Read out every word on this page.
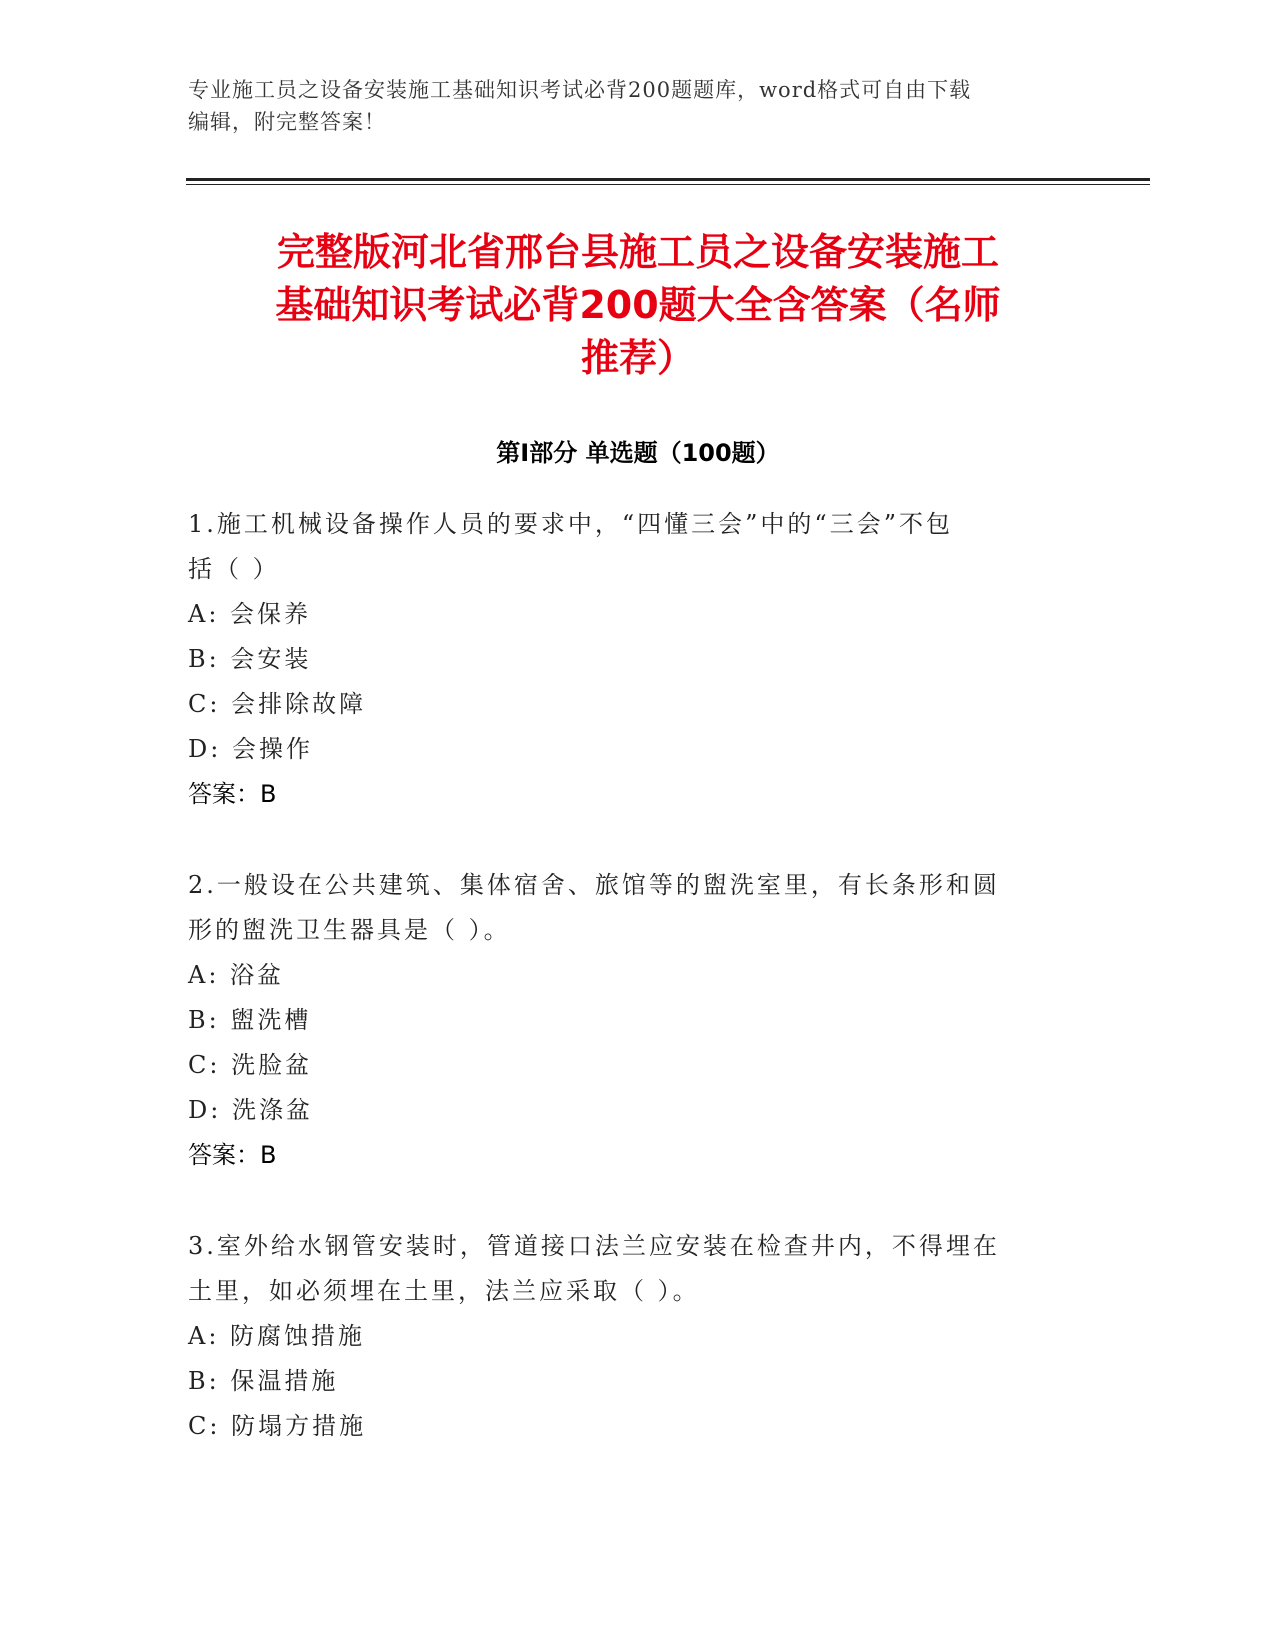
专业施工员之设备安装施工基础知识考试必背200题题库，word格式可自由下载
编辑，附完整答案！
完整版河北省邢台县施工员之设备安装施工
基础知识考试必背200题大全含答案（名师
推荐）
第Ⅰ部分 单选题（100题）

1.施工机械设备操作人员的要求中，“四懂三会”中的“三会”不包

括（ ）

A: 会保养

B: 会安装

C: 会排除故障

D: 会操作

答案：B

2.一般设在公共建筑、集体宿舍、旅馆等的盥洗室里，有长条形和圆

形的盥洗卫生器具是（ ）。

A: 浴盆

B: 盥洗槽

C: 洗脸盆

D: 洗涤盆

答案：B

3.室外给水钢管安装时，管道接口法兰应安装在检查井内，不得埋在

土里，如必须埋在土里，法兰应采取（ ）。

A: 防腐蚀措施

B: 保温措施

C: 防塌方措施
